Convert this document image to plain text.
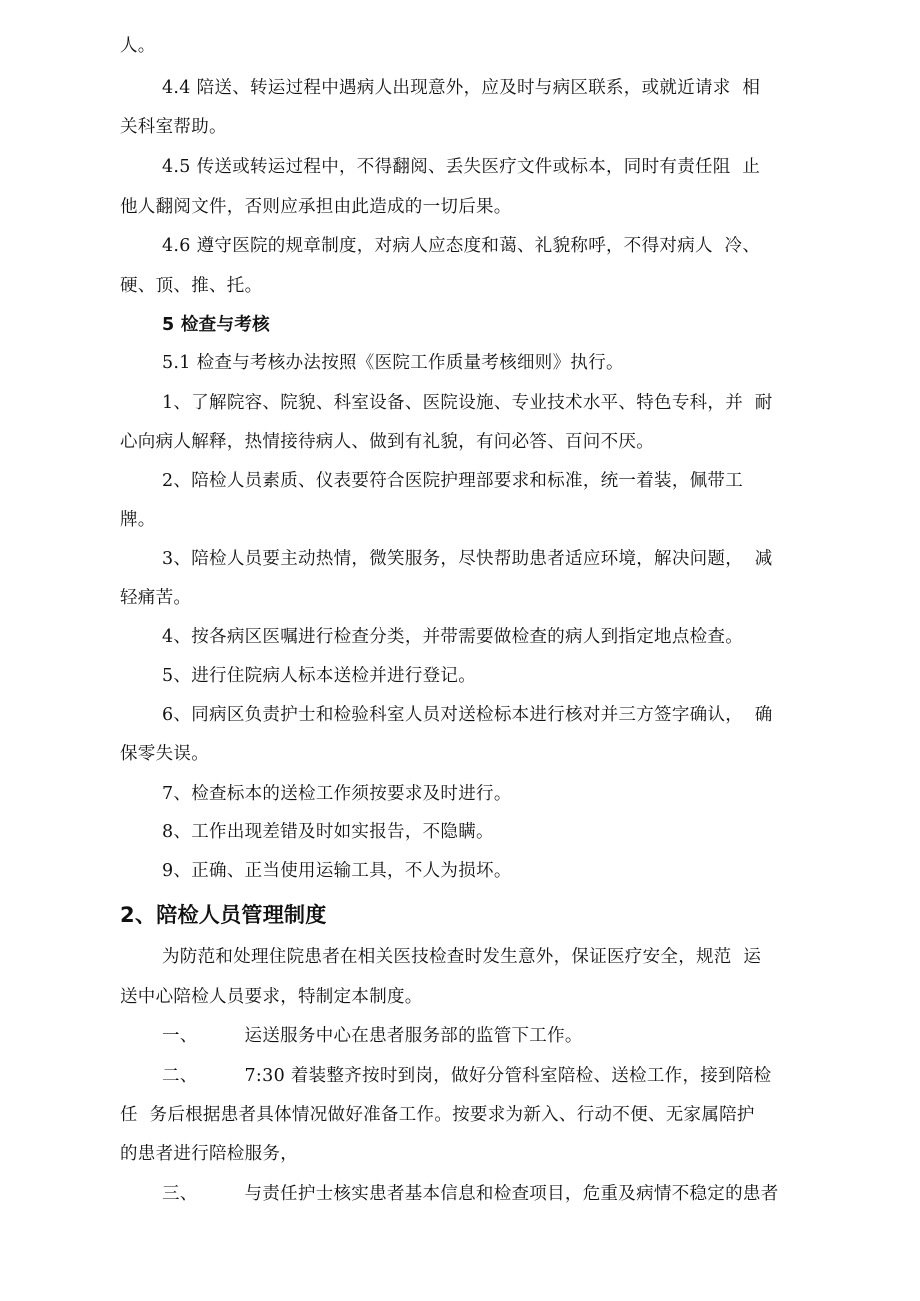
人。
4.4 陪送、转运过程中遇病人出现意外，应及时与病区联系，或就近请求  相
关科室帮助。
4.5 传送或转运过程中，不得翻阅、丢失医疗文件或标本，同时有责任阻  止
他人翻阅文件，否则应承担由此造成的一切后果。
4.6 遵守医院的规章制度，对病人应态度和蔼、礼貌称呼，不得对病人  冷、
硬、顶、推、托。
5 检查与考核
5.1 检查与考核办法按照《医院工作质量考核细则》执行。
1、了解院容、院貌、科室设备、医院设施、专业技术水平、特色专科，并  耐
心向病人解释，热情接待病人、做到有礼貌，有问必答、百问不厌。
2、陪检人员素质、仪表要符合医院护理部要求和标准，统一着装，佩带工
牌。
3、陪检人员要主动热情，微笑服务，尽快帮助患者适应环境，解决问题，  减
轻痛苦。
4、按各病区医嘱进行检查分类，并带需要做检查的病人到指定地点检查。
5、进行住院病人标本送检并进行登记。
6、同病区负责护士和检验科室人员对送检标本进行核对并三方签字确认，  确
保零失误。
7、检查标本的送检工作须按要求及时进行。
8、工作出现差错及时如实报告，不隐瞒。
9、正确、正当使用运输工具，不人为损坏。
2、陪检人员管理制度
为防范和处理住院患者在相关医技检查时发生意外，保证医疗安全，规范  运
送中心陪检人员要求，特制定本制度。
一、        运送服务中心在患者服务部的监管下工作。
二、        7:30 着装整齐按时到岗，做好分管科室陪检、送检工作，接到陪检
任  务后根据患者具体情况做好准备工作。按要求为新入、行动不便、无家属陪护
的患者进行陪检服务，
三、        与责任护士核实患者基本信息和检查项目，危重及病情不稳定的患者
